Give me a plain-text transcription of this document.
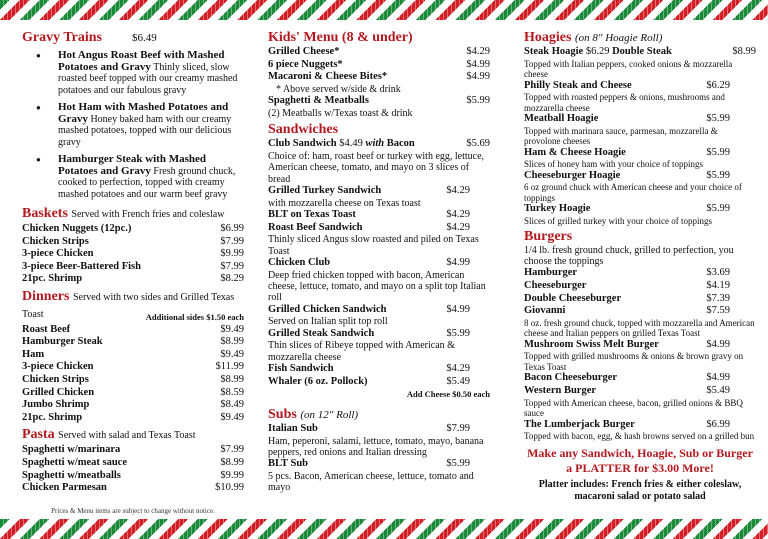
Gravy Trains	$6.49
● Hot Angus Roast Beef with Mashed Potatoes and Gravy Thinly sliced, slow roasted beef topped with our creamy mashed potatoes and our fabulous gravy
● Hot Ham with Mashed Potatoes and Gravy Honey baked ham with our creamy mashed potatoes, topped with our delicious gravy
● Hamburger Steak with Mashed Potatoes and Gravy Fresh ground chuck, cooked to perfection, topped with creamy mashed potatoes and our warm beef gravy
Baskets Served with French fries and coleslaw
Chicken Nuggets (12pc.)	$6.99
Chicken Strips	$7.99
3-piece Chicken	$9.99
3-piece Beer-Battered Fish	$7.99
21pc. Shrimp	$8.29
Dinners Served with two sides and Grilled Texas Toast	Additional sides $1.50 each
Roast Beef	$9.49
Hamburger Steak	$8.99
Ham	$9.49
3-piece Chicken	$11.99
Chicken Strips	$8.99
Grilled Chicken	$8.59
Jumbo Shrimp	$8.49
21pc. Shrimp	$9.49
Pasta Served with salad and Texas Toast
Spaghetti w/marinara	$7.99
Spaghetti w/meat sauce	$8.99
Spaghetti w/meatballs	$9.99
Chicken Parmesan	$10.99
Prices & Menu items are subject to change without notice.
Kids' Menu (8 & under)
Grilled Cheese*	$4.29
6 piece Nuggets*	$4.99
Macaroni & Cheese Bites*	$4.99
* Above served w/side & drink
Spaghetti & Meatballs	$5.99
(2) Meatballs w/Texas toast & drink
Sandwiches
Club Sandwich $4.49 with Bacon	$5.69
Choice of: ham, roast beef or turkey with egg, lettuce, American cheese, tomato, and mayo on 3 slices of bread
Grilled Turkey Sandwich	$4.29
with mozzarella cheese on Texas toast
BLT on Texas Toast	$4.29
Roast Beef Sandwich	$4.29
Thinly sliced Angus slow roasted and piled on Texas Toast
Chicken Club	$4.99
Deep fried chicken topped with bacon, American cheese, lettuce, tomato, and mayo on a split top Italian roll
Grilled Chicken Sandwich	$4.99
Served on Italian split top roll
Grilled Steak Sandwich	$5.99
Thin slices of Ribeye topped with American & mozzarella cheese
Fish Sandwich	$4.29
Whaler (6 oz. Pollock)	$5.49
Add Cheese $0.50 each
Subs (on 12" Roll)
Italian Sub	$7.99
Ham, peperoni, salami, lettuce, tomato, mayo, banana peppers, red onions and Italian dressing
BLT Sub	$5.99
5 pcs. Bacon, American cheese, lettuce, tomato and mayo
Hoagies (on 8" Hoagie Roll)
Steak Hoagie $6.29 Double Steak	$8.99
Topped with Italian peppers, cooked onions & mozzarella cheese
Philly Steak and Cheese	$6.29
Topped with roasted peppers & onions, mushrooms and mozzarella cheese
Meatball Hoagie	$5.99
Topped with marinara sauce, parmesan, mozzarella & provolone cheeses
Ham & Cheese Hoagie	$5.99
Slices of honey ham with your choice of toppings
Cheeseburger Hoagie	$5.99
6 oz ground chuck with American cheese and your choice of toppings
Turkey Hoagie	$5.99
Slices of grilled turkey with your choice of toppings
Burgers
1/4 lb. fresh ground chuck, grilled to perfection, you choose the toppings
Hamburger	$3.69
Cheeseburger	$4.19
Double Cheeseburger	$7.39
Giovanni	$7.59
8 oz. fresh ground chuck, topped with mozzarella and American cheese and Italian peppers on grilled Texas Toast
Mushroom Swiss Melt Burger	$4.99
Topped with grilled mushrooms & onions & brown gravy on Texas Toast
Bacon Cheeseburger	$4.99
Western Burger	$5.49
Topped with American cheese, bacon, grilled onions & BBQ sauce
The Lumberjack Burger	$6.99
Topped with bacon, egg, & hash browns served on a grilled bun
Make any Sandwich, Hoagie, Sub or Burger
a PLATTER for $3.00 More!
Platter includes: French fries & either coleslaw,
macaroni salad or potato salad
